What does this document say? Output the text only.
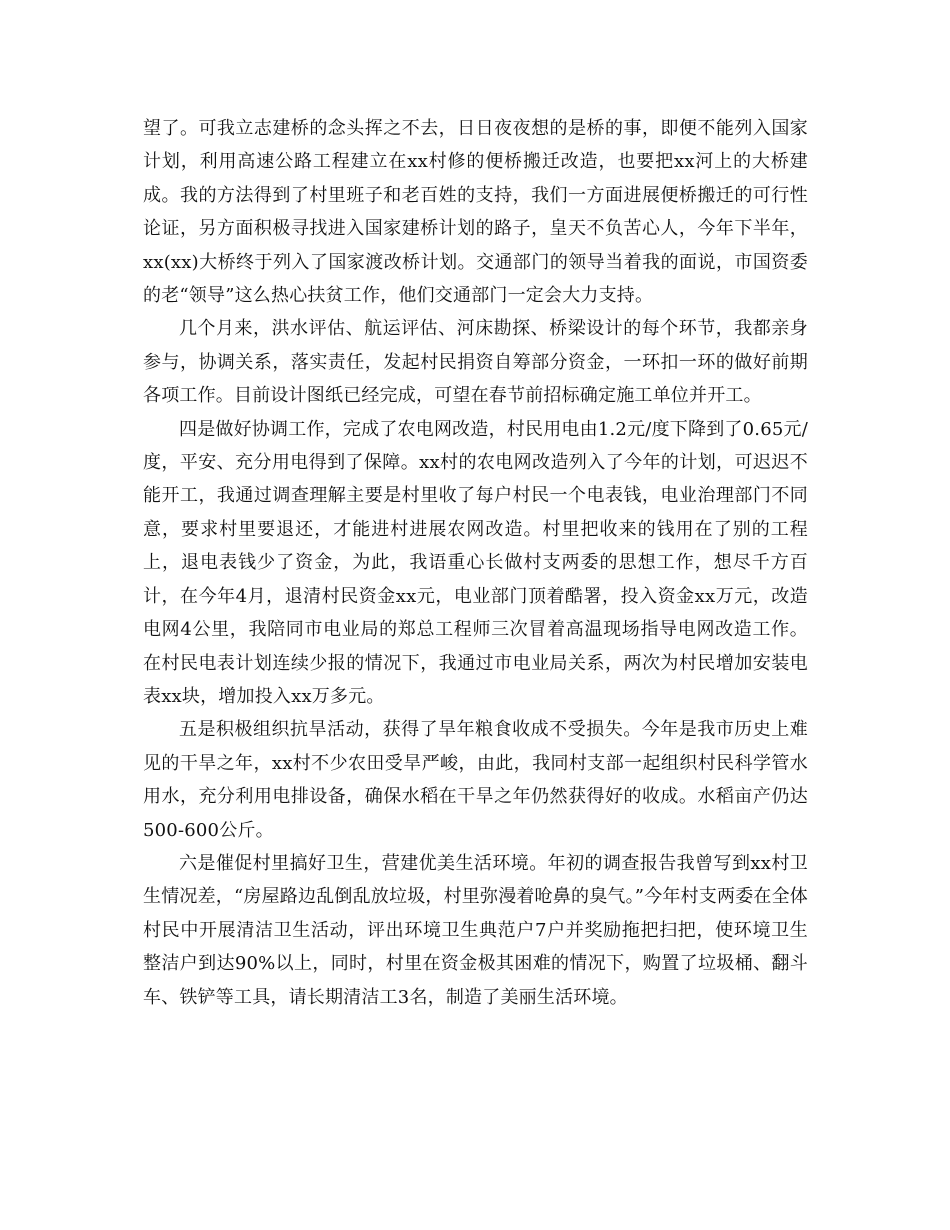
望了。可我立志建桥的念头挥之不去，日日夜夜想的是桥的事，即便不能列入国家计划，利用高速公路工程建立在xx村修的便桥搬迁改造，也要把xx河上的大桥建成。我的方法得到了村里班子和老百姓的支持，我们一方面进展便桥搬迁的可行性论证，另方面积极寻找进入国家建桥计划的路子，皇天不负苦心人，今年下半年，xx(xx)大桥终于列入了国家渡改桥计划。交通部门的领导当着我的面说，市国资委的老“领导”这么热心扶贫工作，他们交通部门一定会大力支持。

几个月来，洪水评估、航运评估、河床勘探、桥梁设计的每个环节，我都亲身参与，协调关系，落实责任，发起村民捐资自筹部分资金，一环扣一环的做好前期各项工作。目前设计图纸已经完成，可望在春节前招标确定施工单位并开工。

四是做好协调工作，完成了农电网改造，村民用电由1.2元/度下降到了0.65元/度，平安、充分用电得到了保障。xx村的农电网改造列入了今年的计划，可迟迟不能开工，我通过调查理解主要是村里收了每户村民一个电表钱，电业治理部门不同意，要求村里要退还，才能进村进展农网改造。村里把收来的钱用在了别的工程上，退电表钱少了资金，为此，我语重心长做村支两委的思想工作，想尽千方百计，在今年4月，退清村民资金xx元，电业部门顶着酷署，投入资金xx万元，改造电网4公里，我陪同市电业局的郑总工程师三次冒着高温现场指导电网改造工作。在村民电表计划连续少报的情况下，我通过市电业局关系，两次为村民增加安装电表xx块，增加投入xx万多元。

五是积极组织抗旱活动，获得了旱年粮食收成不受损失。今年是我市历史上难见的干旱之年，xx村不少农田受旱严峻，由此，我同村支部一起组织村民科学管水用水，充分利用电排设备，确保水稻在干旱之年仍然获得好的收成。水稻亩产仍达500-600公斤。

六是催促村里搞好卫生，营建优美生活环境。年初的调查报告我曾写到xx村卫生情况差，“房屋路边乱倒乱放垃圾，村里弥漫着呛鼻的臭气。”今年村支两委在全体村民中开展清洁卫生活动，评出环境卫生典范户7户并奖励拖把扫把，使环境卫生整洁户到达90%以上，同时，村里在资金极其困难的情况下，购置了垃圾桶、翻斗车、铁铲等工具，请长期清洁工3名，制造了美丽生活环境。
